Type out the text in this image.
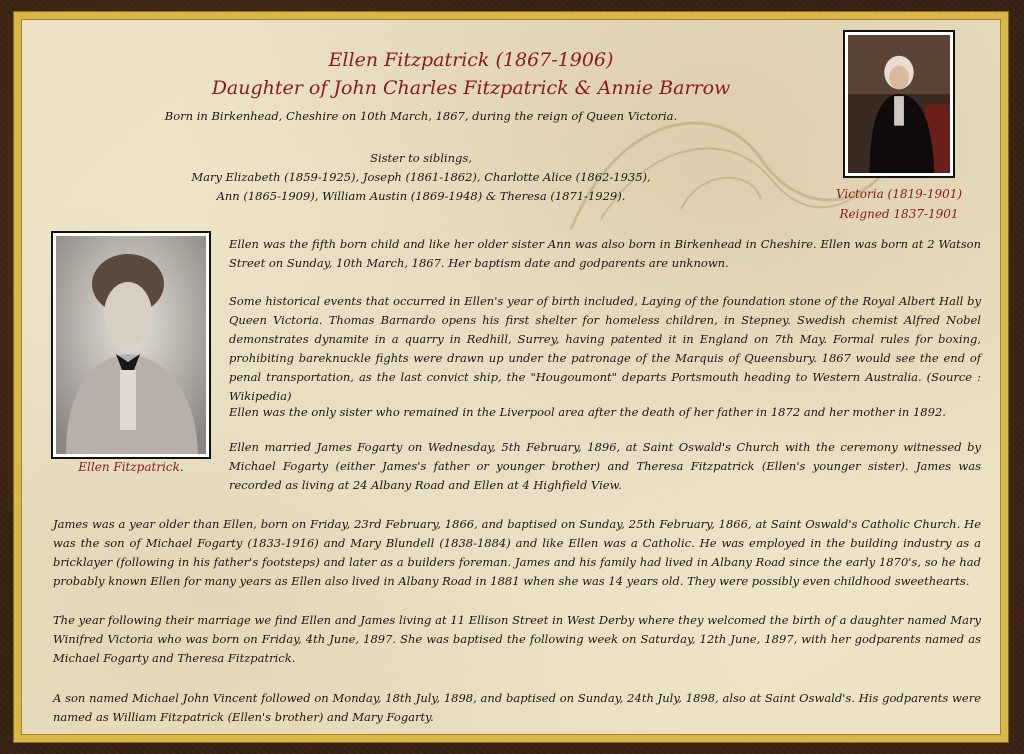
Ellen Fitzpatrick (1867-1906)
Daughter of John Charles Fitzpatrick & Annie Barrow
Born in Birkenhead, Cheshire on 10th March, 1867, during the reign of Queen Victoria.
Sister to siblings,
Mary Elizabeth (1859-1925), Joseph (1861-1862), Charlotte Alice (1862-1935),
Ann (1865-1909), William Austin (1869-1948) & Theresa (1871-1929).	Victoria (1819-1901)
Reigned 1837-1901
Ellen Fitzpatrick.
Ellen was the fifth born child and like her older sister Ann was also born in Birkenhead in Cheshire. Ellen was born at 2 Watson Street on Sunday, 10th March, 1867. Her baptism date and godparents are unknown.
Some historical events that occurred in Ellen's year of birth included, Laying of the foundation stone of the Royal Albert Hall by Queen Victoria. Thomas Barnardo opens his first shelter for homeless children, in Stepney. Swedish chemist Alfred Nobel demonstrates dynamite in a quarry in Redhill, Surrey, having patented it in England on 7th May. Formal rules for boxing, prohibiting bareknuckle fights were drawn up under the patronage of the Marquis of Queensbury. 1867 would see the end of penal transportation, as the last convict ship, the "Hougoumont" departs Portsmouth heading to Western Australia. (Source : Wikipedia)
Ellen was the only sister who remained in the Liverpool area after the death of her father in 1872 and her mother in 1892.
Ellen married James Fogarty on Wednesday, 5th February, 1896, at Saint Oswald's Church with the ceremony witnessed by Michael Fogarty (either James's father or younger brother) and Theresa Fitzpatrick (Ellen's younger sister). James was recorded as living at 24 Albany Road and Ellen at 4 Highfield View.
James was a year older than Ellen, born on Friday, 23rd February, 1866, and baptised on Sunday, 25th February, 1866, at Saint Oswald's Catholic Church. He was the son of Michael Fogarty (1833-1916) and Mary Blundell (1838-1884) and like Ellen was a Catholic. He was employed in the building industry as a bricklayer (following in his father's footsteps) and later as a builders foreman. James and his family had lived in Albany Road since the early 1870's, so he had probably known Ellen for many years as Ellen also lived in Albany Road in 1881 when she was 14 years old. They were possibly even childhood sweethearts.
The year following their marriage we find Ellen and James living at 11 Ellison Street in West Derby where they welcomed the birth of a daughter named Mary Winifred Victoria who was born on Friday, 4th June, 1897. She was baptised the following week on Saturday, 12th June, 1897, with her godparents named as Michael Fogarty and Theresa Fitzpatrick.
A son named Michael John Vincent followed on Monday, 18th July, 1898, and baptised on Sunday, 24th July, 1898, also at Saint Oswald's. His godparents were named as William Fitzpatrick (Ellen's brother) and Mary Fogarty.
